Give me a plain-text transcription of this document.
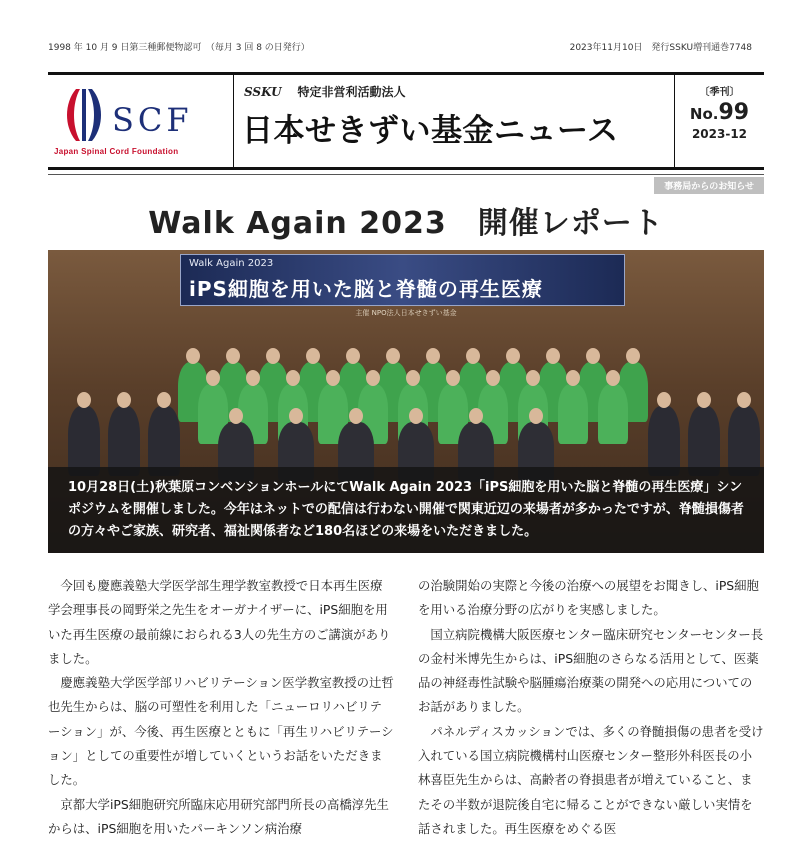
1998 年 10 月 9 日第三種郵便物認可　（毎月 3 回 8 の日発行）	2023年11月10日　発行SSKU増刊通巻7748
SCF
Japan Spinal Cord Foundation
SSKU 特定非営利活動法人
日本せきずい基金ニュース
〔季刊〕
No.99
2023-12
事務局からのお知らせ
Walk Again 2023　開催レポート
Walk Again 2023
iPS細胞を用いた脳と脊髄の再生医療
主催 NPO法人日本せきずい基金

10月28日(土)秋葉原コンベンションホールにてWalk Again 2023「iPS細胞を用いた脳と脊髄の再生医療」シンポジウムを開催しました。今年はネットでの配信は行わない開催で関東近辺の来場者が多かったですが、脊髄損傷者の方々やご家族、研究者、福祉関係者など180名ほどの来場をいただきました。

今回も慶應義塾大学医学部生理学教室教授で日本再生医療学会理事長の岡野栄之先生をオーガナイザーに、iPS細胞を用いた再生医療の最前線におられる3人の先生方のご講演がありました。

慶應義塾大学医学部リハビリテーション医学教室教授の辻哲也先生からは、脳の可塑性を利用した「ニューロリハビリテーション」が、今後、再生医療とともに「再生リハビリテーション」としての重要性が増していくというお話をいただきました。

京都大学iPS細胞研究所臨床応用研究部門所長の高橋淳先生からは、iPS細胞を用いたパーキンソン病治療

の治験開始の実際と今後の治療への展望をお聞きし、iPS細胞を用いる治療分野の広がりを実感しました。

国立病院機構大阪医療センター臨床研究センターセンター長の金村米博先生からは、iPS細胞のさらなる活用として、医薬品の神経毒性試験や脳腫瘍治療薬の開発への応用についてのお話がありました。

パネルディスカッションでは、多くの脊髄損傷の患者を受け入れている国立病院機構村山医療センター整形外科医長の小林喜臣先生からは、高齢者の脊損患者が増えていること、またその半数が退院後自宅に帰ることができない厳しい実情を話されました。再生医療をめぐる医
